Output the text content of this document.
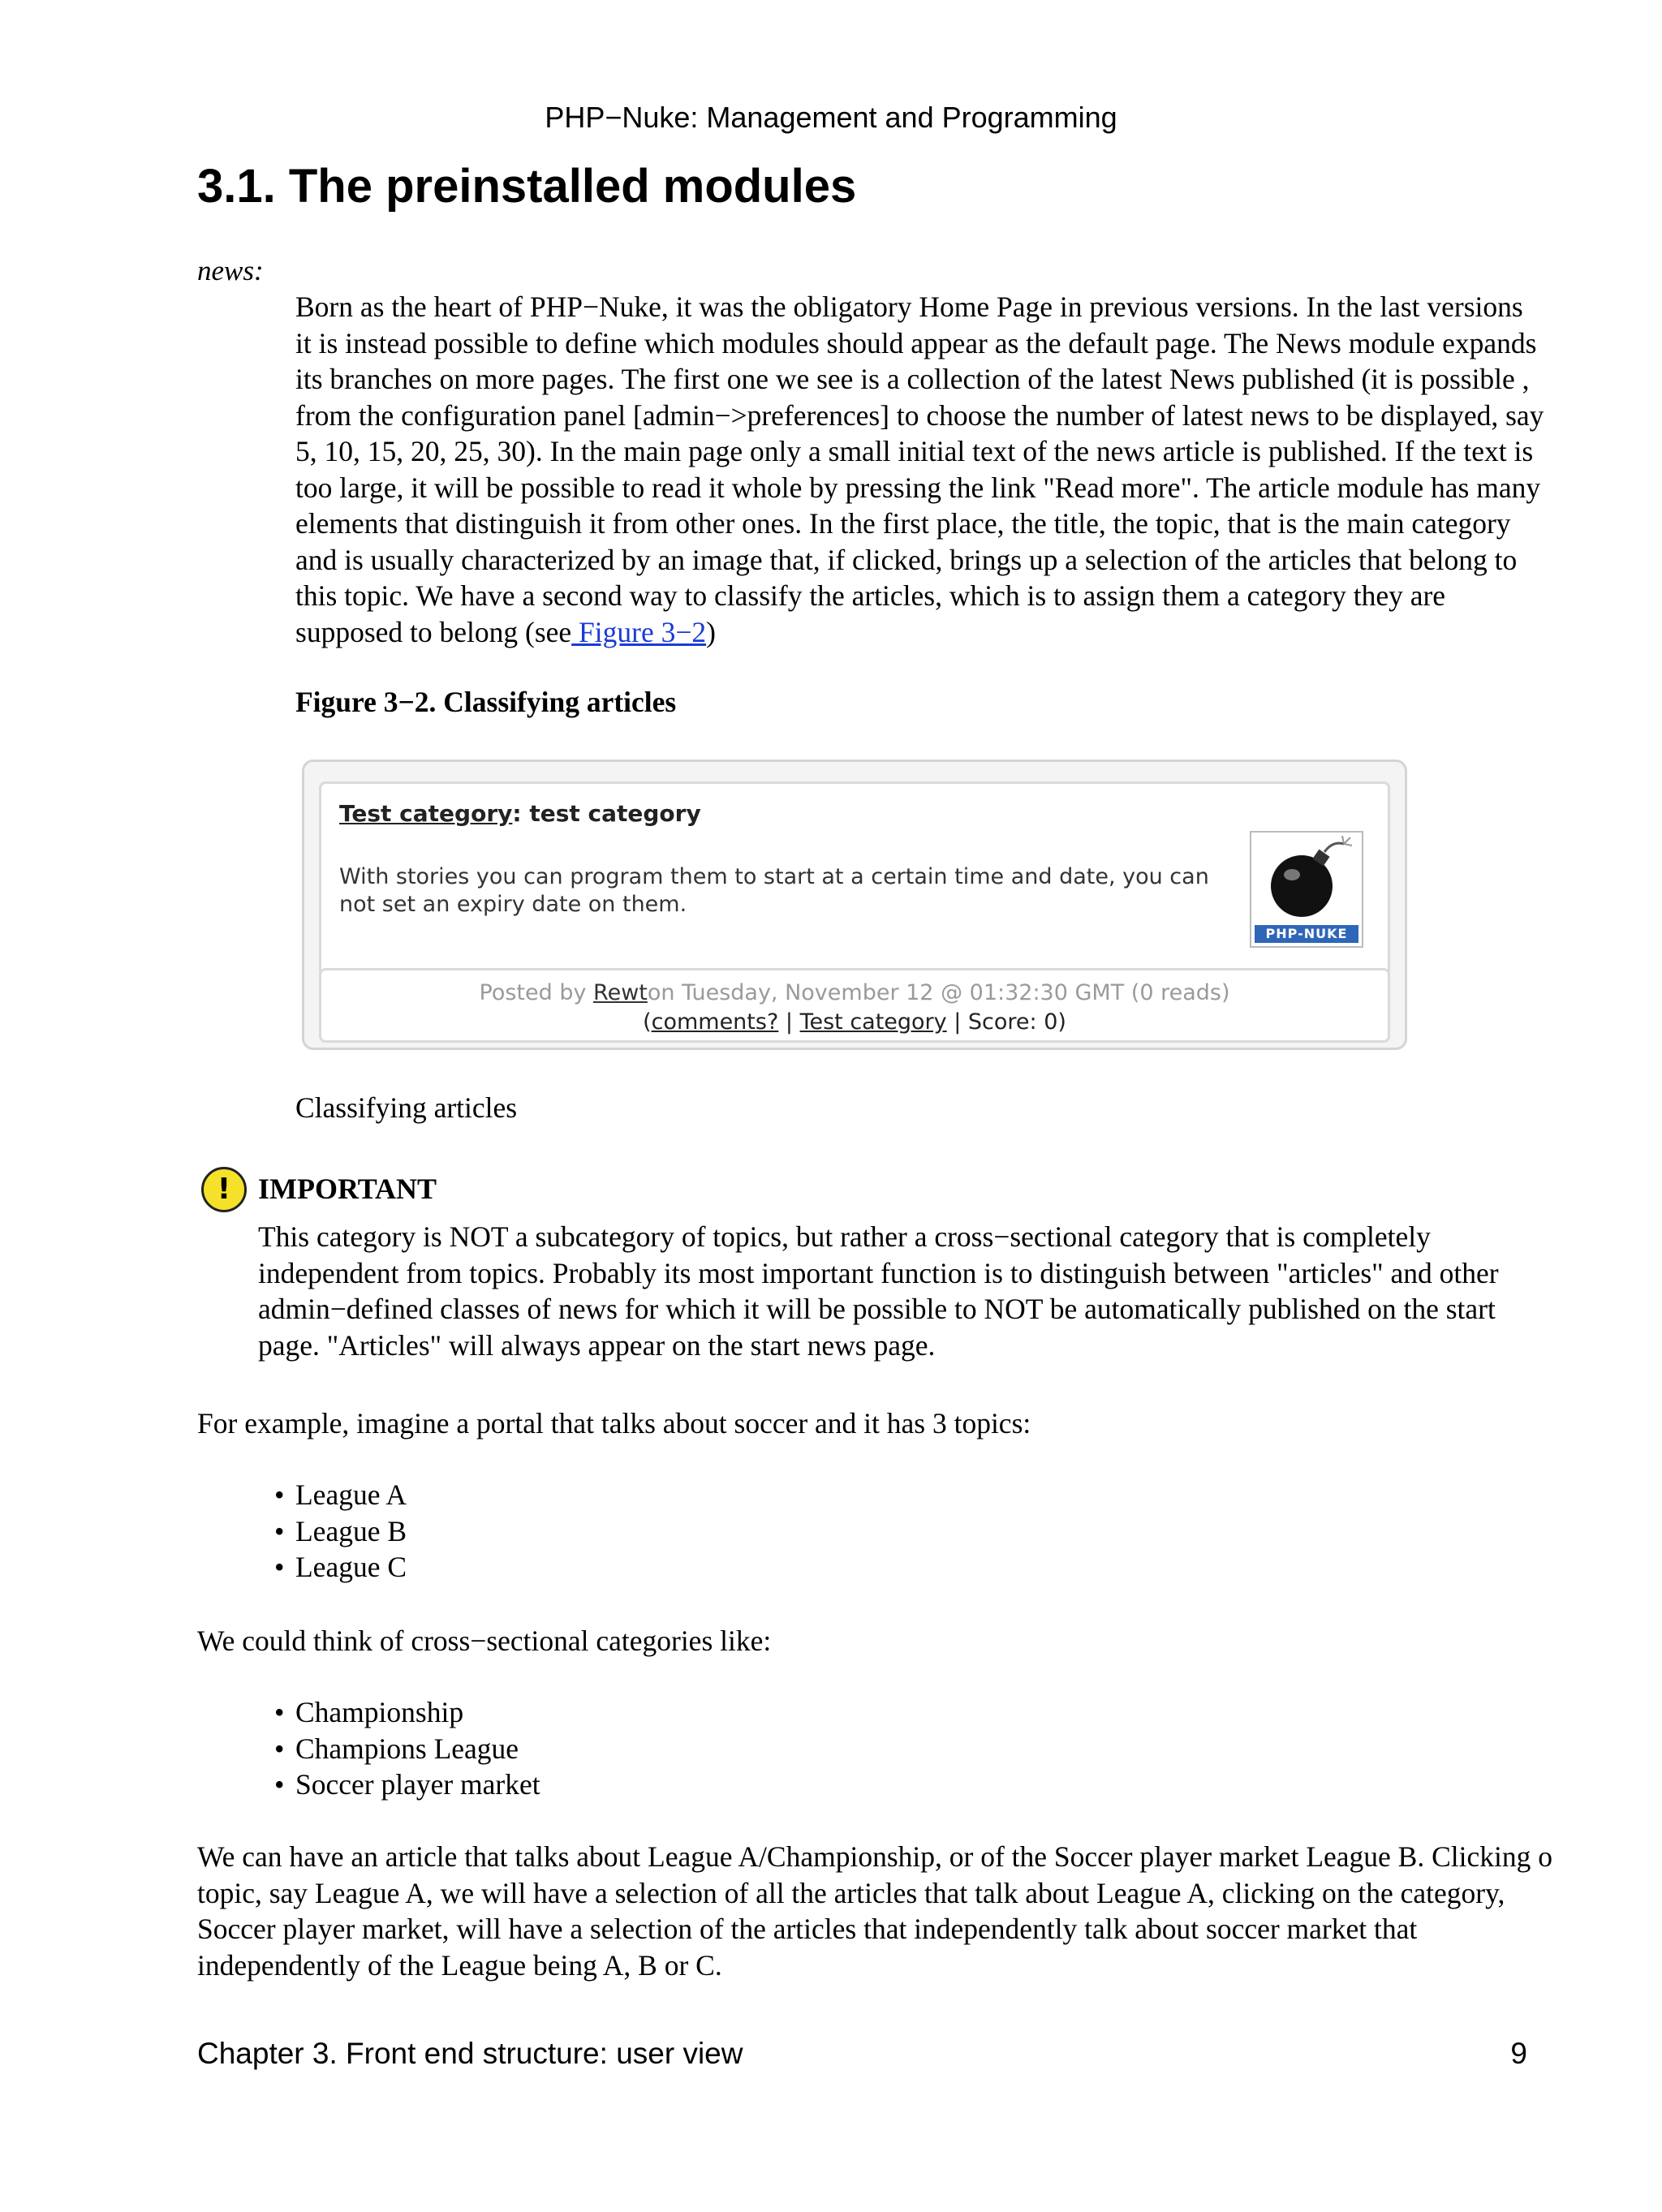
PHP−Nuke: Management and Programming
3.1. The preinstalled modules
news:
Born as the heart of PHP−Nuke, it was the obligatory Home Page in previous versions. In the last versions it is instead possible to define which modules should appear as the default page. The News module expands its branches on more pages. The first one we see is a collection of the latest News published (it is possible , from the configuration panel [admin−>preferences] to choose the number of latest news to be displayed, say 5, 10, 15, 20, 25, 30). In the main page only a small initial text of the news article is published. If the text is too large, it will be possible to read it whole by pressing the link "Read more". The article module has many elements that distinguish it from other ones. In the first place, the title, the topic, that is the main category and is usually characterized by an image that, if clicked, brings up a selection of the articles that belong to this topic. We have a second way to classify the articles, which is to assign them a category they are supposed to belong (see Figure 3−2)
Figure 3−2. Classifying articles
Test category: test category
With stories you can program them to start at a certain time and date, you can not set an expiry date on them.
PHP-NUKE
Posted by Rewton Tuesday, November 12 @ 01:32:30 GMT (0 reads)
(comments? | Test category | Score: 0)
Classifying articles
! IMPORTANT
This category is NOT a subcategory of topics, but rather a cross−sectional category that is completely independent from topics. Probably its most important function is to distinguish between "articles" and other admin−defined classes of news for which it will be possible to NOT be automatically published on the start page. "Articles" will always appear on the start news page.
For example, imagine a portal that talks about soccer and it has 3 topics:
• League A
• League B
• League C
We could think of cross−sectional categories like:
• Championship
• Champions League
• Soccer player market
We can have an article that talks about League A/Championship, or of the Soccer player market League B. Clicking o topic, say League A, we will have a selection of all the articles that talk about League A, clicking on the category, Soccer player market, will have a selection of the articles that independently talk about soccer market that independently of the League being A, B or C.
Chapter 3. Front end structure: user view	9
